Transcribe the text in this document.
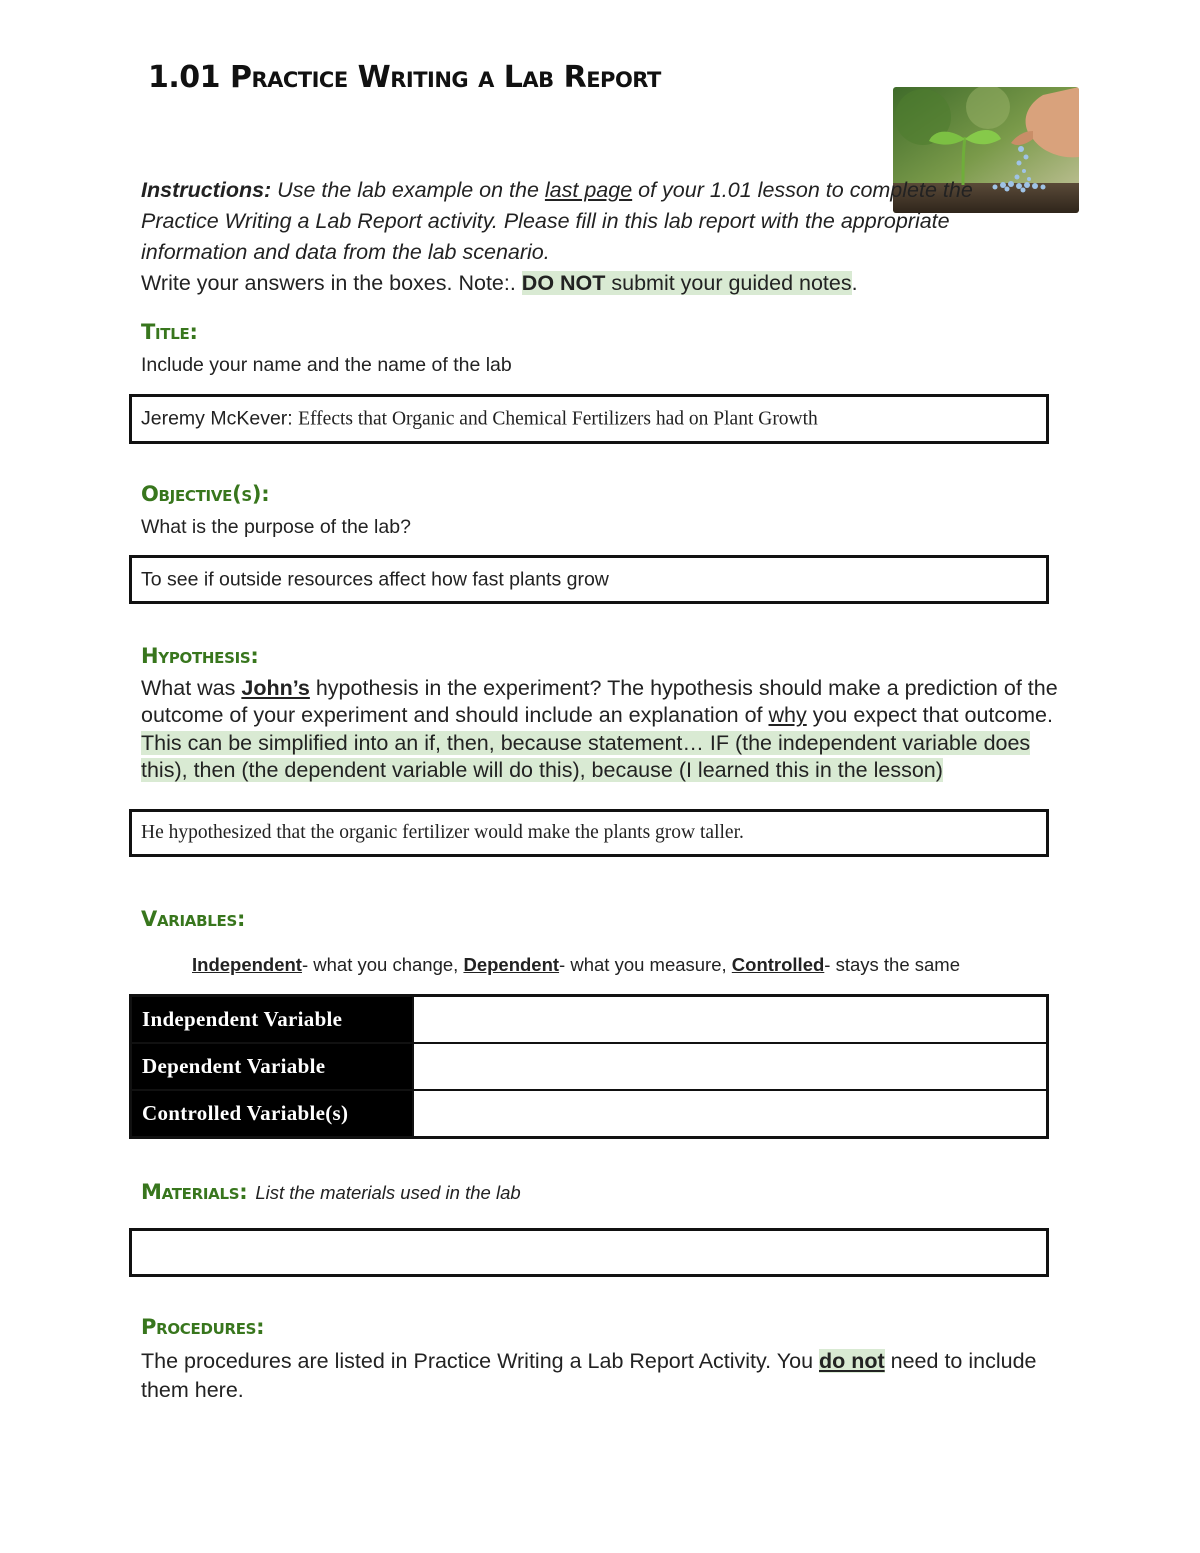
1.01 Practice Writing a Lab Report

Instructions: Use the lab example on the last page of your 1.01 lesson to complete the Practice Writing a Lab Report activity. Please fill in this lab report with the appropriate information and data from the lab scenario.
Write your answers in the boxes. Note:. DO NOT submit your guided notes.

Title:

Include your name and the name of the lab

Jeremy McKever: Effects that Organic and Chemical Fertilizers had on Plant Growth
Objective(s):

What is the purpose of the lab?

To see if outside resources affect how fast plants grow
Hypothesis:

What was John’s hypothesis in the experiment? The hypothesis should make a prediction of the outcome of your experiment and should include an explanation of why you expect that outcome. This can be simplified into an if, then, because statement… IF (the independent variable does this), then (the dependent variable will do this), because (I learned this in the lesson)

He hypothesized that the organic fertilizer would make the plants grow taller.
Variables:

Independent- what you change, Dependent- what you measure, Controlled- stays the same

Independent Variable	
Dependent Variable	
Controlled Variable(s)	

Materials: List the materials used in the lab

Procedures:

The procedures are listed in Practice Writing a Lab Report Activity. You do not need to include them here.
